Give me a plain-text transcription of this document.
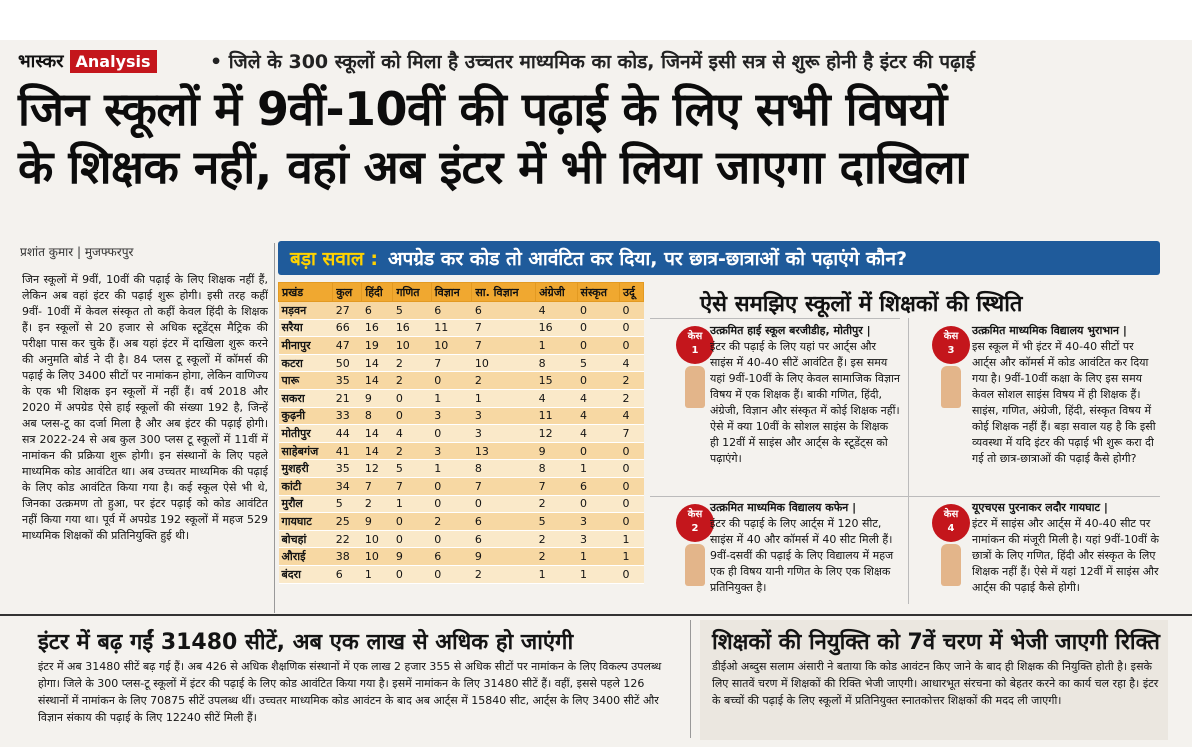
भास्कर Analysis	• जिले के 300 स्कूलों को मिला है उच्चतर माध्यमिक का कोड, जिनमें इसी सत्र से शुरू होनी है इंटर की पढ़ाई
जिन स्कूलों में 9वीं-10वीं की पढ़ाई के लिए सभी विषयों
के शिक्षक नहीं, वहां अब इंटर में भी लिया जाएगा दाखिला
प्रशांत कुमार | मुजफ्फरपुर
जिन स्कूलों में 9वीं, 10वीं की पढ़ाई के लिए शिक्षक नहीं हैं, लेकिन अब वहां इंटर की पढ़ाई शुरू होगी। इसी तरह कहीं 9वीं- 10वीं में केवल संस्कृत तो कहीं केवल हिंदी के शिक्षक हैं। इन स्कूलों से 20 हजार से अधिक स्टूडेंट्स मैट्रिक की परीक्षा पास कर चुके हैं। अब यहां इंटर में दाखिला शुरू करने की अनुमति बोर्ड ने दी है। 84 प्लस टू स्कूलों में कॉमर्स की पढ़ाई के लिए 3400 सीटों पर नामांकन होगा, लेकिन वाणिज्य के एक भी शिक्षक इन स्कूलों में नहीं हैं। वर्ष 2018 और 2020 में अपग्रेड ऐसे हाई स्कूलों की संख्या 192 है, जिन्हें अब प्लस-टू का दर्जा मिला है और अब इंटर की पढ़ाई होगी। सत्र 2022-24 से अब कुल 300 प्लस टू स्कूलों में 11वीं में नामांकन की प्रक्रिया शुरू होगी। इन संस्थानों के लिए पहले माध्यमिक कोड आवंटित था। अब उच्चतर माध्यमिक की पढ़ाई के लिए कोड आवंटित किया गया है। कई स्कूल ऐसे भी थे, जिनका उत्क्रमण तो हुआ, पर इंटर पढ़ाई को कोड आवंटित नहीं किया गया था। पूर्व में अपग्रेड 192 स्कूलों में महज 529 माध्यमिक शिक्षकों की प्रतिनियुक्ति हुई थी।
बड़ा सवाल : अपग्रेड कर कोड तो आवंटित कर दिया, पर छात्र-छात्राओं को पढ़ाएंगे कौन?
प्रखंड	कुल	हिंदी	गणित	विज्ञान	सा. विज्ञान	अंग्रेजी	संस्कृत	उर्दू
मड़वन	27	6	5	6	6	4	0	0
सरैया	66	16	16	11	7	16	0	0
मीनापुर	47	19	10	10	7	1	0	0
कटरा	50	14	2	7	10	8	5	4
पारू	35	14	2	0	2	15	0	2
सकरा	21	9	0	1	1	4	4	2
कुढ़नी	33	8	0	3	3	11	4	4
मोतीपुर	44	14	4	0	3	12	4	7
साहेबगंज	41	14	2	3	13	9	0	0
मुशहरी	35	12	5	1	8	8	1	0
कांटी	34	7	7	0	7	7	6	0
मुरौल	5	2	1	0	0	2	0	0
गायघाट	25	9	0	2	6	5	3	0
बोचहां	22	10	0	0	6	2	3	1
औराई	38	10	9	6	9	2	1	1
बंदरा	6	1	0	0	2	1	1	0
ऐसे समझिए स्कूलों में शिक्षकों की स्थिति
केस
1
उत्क्रमित हाई स्कूल बरजीडीह, मोतीपुर |
इंटर की पढ़ाई के लिए यहां पर आर्ट्स और साइंस में 40-40 सीटें आवंटित हैं। इस समय यहां 9वीं-10वीं के लिए केवल सामाजिक विज्ञान विषय में एक शिक्षक हैं। बाकी गणित, हिंदी, अंग्रेजी, विज्ञान और संस्कृत में कोई शिक्षक नहीं। ऐसे में क्या 10वीं के सोशल साइंस के शिक्षक ही 12वीं में साइंस और आर्ट्स के स्टूडेंट्स को पढ़ाएंगे।
केस
3
उत्क्रमित माध्यमिक विद्यालय भुराभान |
इस स्कूल में भी इंटर में 40-40 सीटों पर आर्ट्स और कॉमर्स में कोड आवंटित कर दिया गया है। 9वीं-10वीं कक्षा के लिए इस समय केवल सोशल साइंस विषय में ही शिक्षक हैं। साइंस, गणित, अंग्रेजी, हिंदी, संस्कृत विषय में कोई शिक्षक नहीं हैं। बड़ा सवाल यह है कि इसी व्यवस्था में यदि इंटर की पढ़ाई भी शुरू करा दी गई तो छात्र-छात्राओं की पढ़ाई कैसे होगी?
केस
2
उत्क्रमित माध्यमिक विद्यालय कफेन |
इंटर की पढ़ाई के लिए आर्ट्स में 120 सीट, साइंस में 40 और कॉमर्स में 40 सीट मिली हैं। 9वीं-दसवीं की पढ़ाई के लिए विद्यालय में महज एक ही विषय यानी गणित के लिए एक शिक्षक प्रतिनियुक्त है।
केस
4
यूएचएस पुरनाकर लदौर गायघाट |
इंटर में साइंस और आर्ट्स में 40-40 सीट पर नामांकन की मंजूरी मिली है। यहां 9वीं-10वीं के छात्रों के लिए गणित, हिंदी और संस्कृत के लिए शिक्षक नहीं हैं। ऐसे में यहां 12वीं में साइंस और आर्ट्स की पढ़ाई कैसे होगी।
इंटर में बढ़ गईं 31480 सीटें, अब एक लाख से अधिक हो जाएंगी
इंटर में अब 31480 सीटें बढ़ गई हैं। अब 426 से अधिक शैक्षणिक संस्थानों में एक लाख 2 हजार 355 से अधिक सीटों पर नामांकन के लिए विकल्प उपलब्ध होगा। जिले के 300 प्लस-टू स्कूलों में इंटर की पढ़ाई के लिए कोड आवंटित किया गया है। इसमें नामांकन के लिए 31480 सीटें हैं। वहीं, इससे पहले 126 संस्थानों में नामांकन के लिए 70875 सीटें उपलब्ध थीं। उच्चतर माध्यमिक कोड आवंटन के बाद अब आर्ट्स में 15840 सीट, आर्ट्स के लिए 3400 सीटें और विज्ञान संकाय की पढ़ाई के लिए 12240 सीटें मिली हैं।
शिक्षकों की नियुक्ति को 7वें चरण में भेजी जाएगी रिक्ति
डीईओ अब्दुस सलाम अंसारी ने बताया कि कोड आवंटन किए जाने के बाद ही शिक्षक की नियुक्ति होती है। इसके लिए सातवें चरण में शिक्षकों की रिक्ति भेजी जाएगी। आधारभूत संरचना को बेहतर करने का कार्य चल रहा है। इंटर के बच्चों की पढ़ाई के लिए स्कूलों में प्रतिनियुक्त स्नातकोत्तर शिक्षकों की मदद ली जाएगी।
